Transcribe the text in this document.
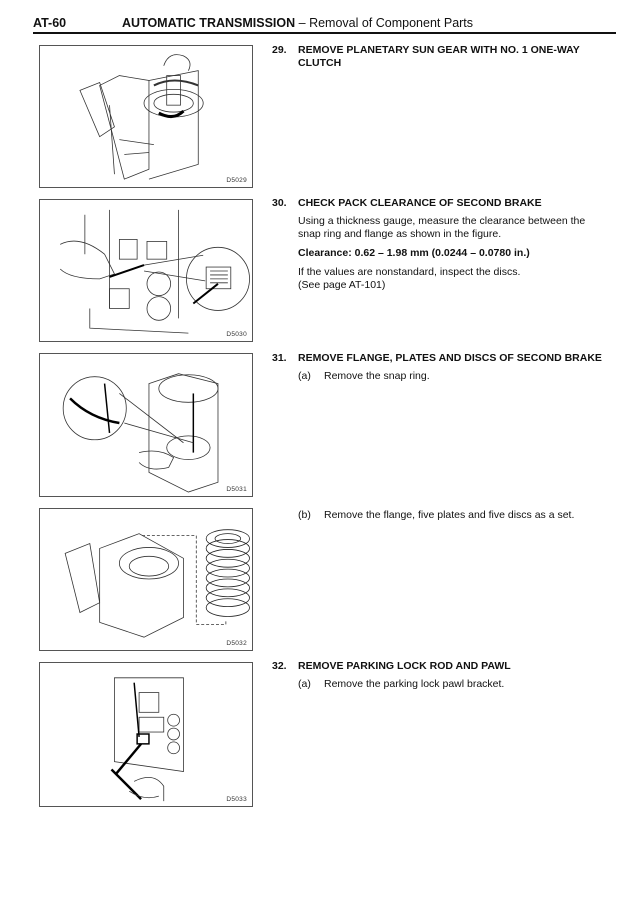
AT-60	AUTOMATIC TRANSMISSION – Removal of Component Parts
D5029
D5030
D5031
D5032
D5033
29.	REMOVE PLANETARY SUN GEAR WITH NO. 1 ONE-WAY CLUTCH
30.	CHECK PACK CLEARANCE OF SECOND BRAKE

Using a thickness gauge, measure the clearance between the snap ring and flange as shown in the figure.

Clearance: 0.62 – 1.98 mm (0.0244 – 0.0780 in.)

If the values are nonstandard, inspect the discs.

(See page AT-101)

31.	REMOVE FLANGE, PLATES AND DISCS OF SECOND BRAKE
(a)	Remove the snap ring.
(b)	Remove the flange, five plates and five discs as a set.
32.	REMOVE PARKING LOCK ROD AND PAWL
(a)	Remove the parking lock pawl bracket.
